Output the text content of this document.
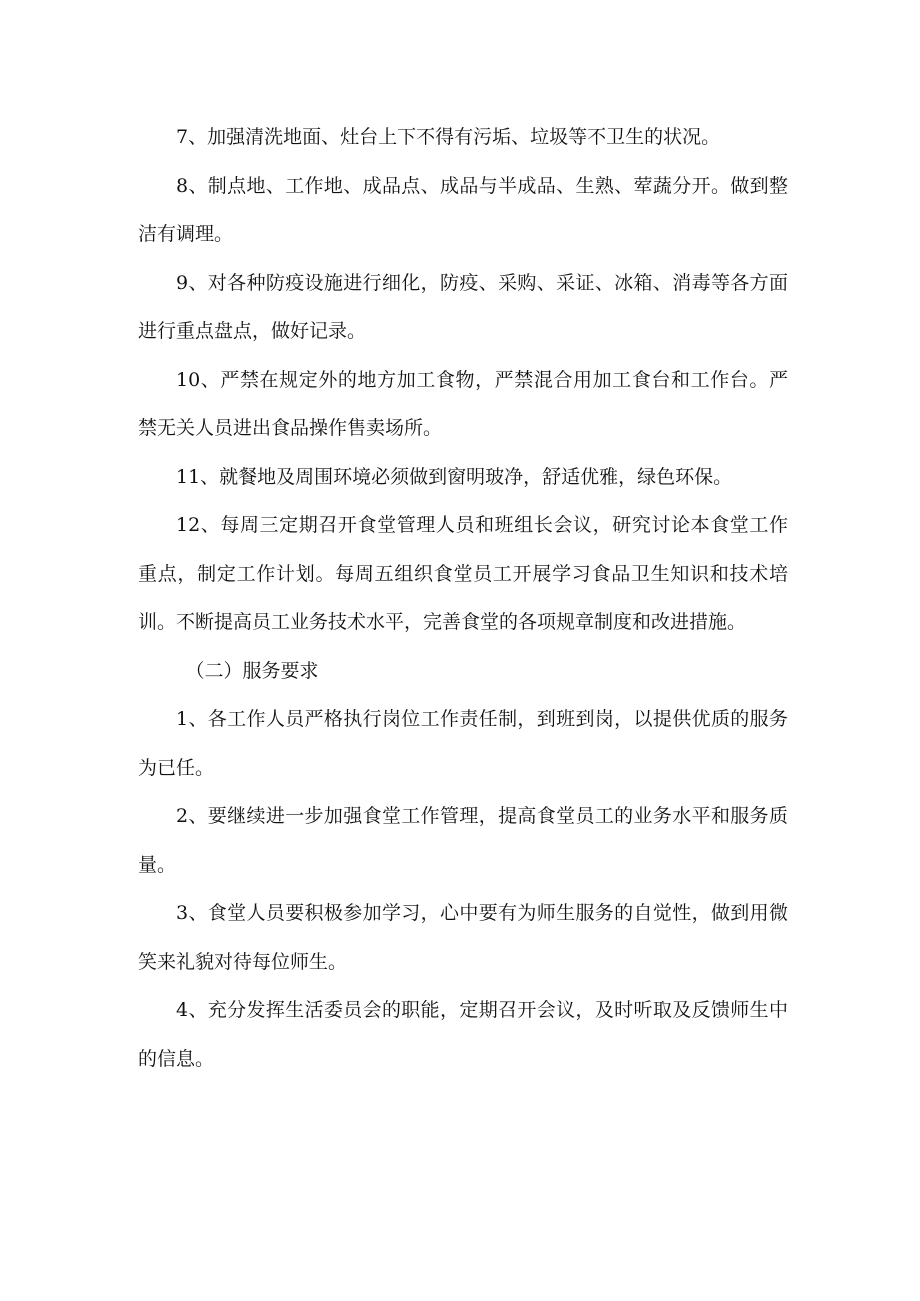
7、加强清洗地面、灶台上下不得有污垢、垃圾等不卫生的状况。

8、制点地、工作地、成品点、成品与半成品、生熟、荤蔬分开。做到整洁有调理。

9、对各种防疫设施进行细化，防疫、采购、采证、冰箱、消毒等各方面进行重点盘点，做好记录。

10、严禁在规定外的地方加工食物，严禁混合用加工食台和工作台。严禁无关人员进出食品操作售卖场所。

11、就餐地及周围环境必须做到窗明玻净，舒适优雅，绿色环保。

12、每周三定期召开食堂管理人员和班组长会议，研究讨论本食堂工作重点，制定工作计划。每周五组织食堂员工开展学习食品卫生知识和技术培训。不断提高员工业务技术水平，完善食堂的各项规章制度和改进措施。

（二）服务要求

1、各工作人员严格执行岗位工作责任制，到班到岗，以提供优质的服务为已任。

2、要继续进一步加强食堂工作管理，提高食堂员工的业务水平和服务质量。

3、食堂人员要积极参加学习，心中要有为师生服务的自觉性，做到用微笑来礼貌对待每位师生。

4、充分发挥生活委员会的职能，定期召开会议，及时听取及反馈师生中的信息。
